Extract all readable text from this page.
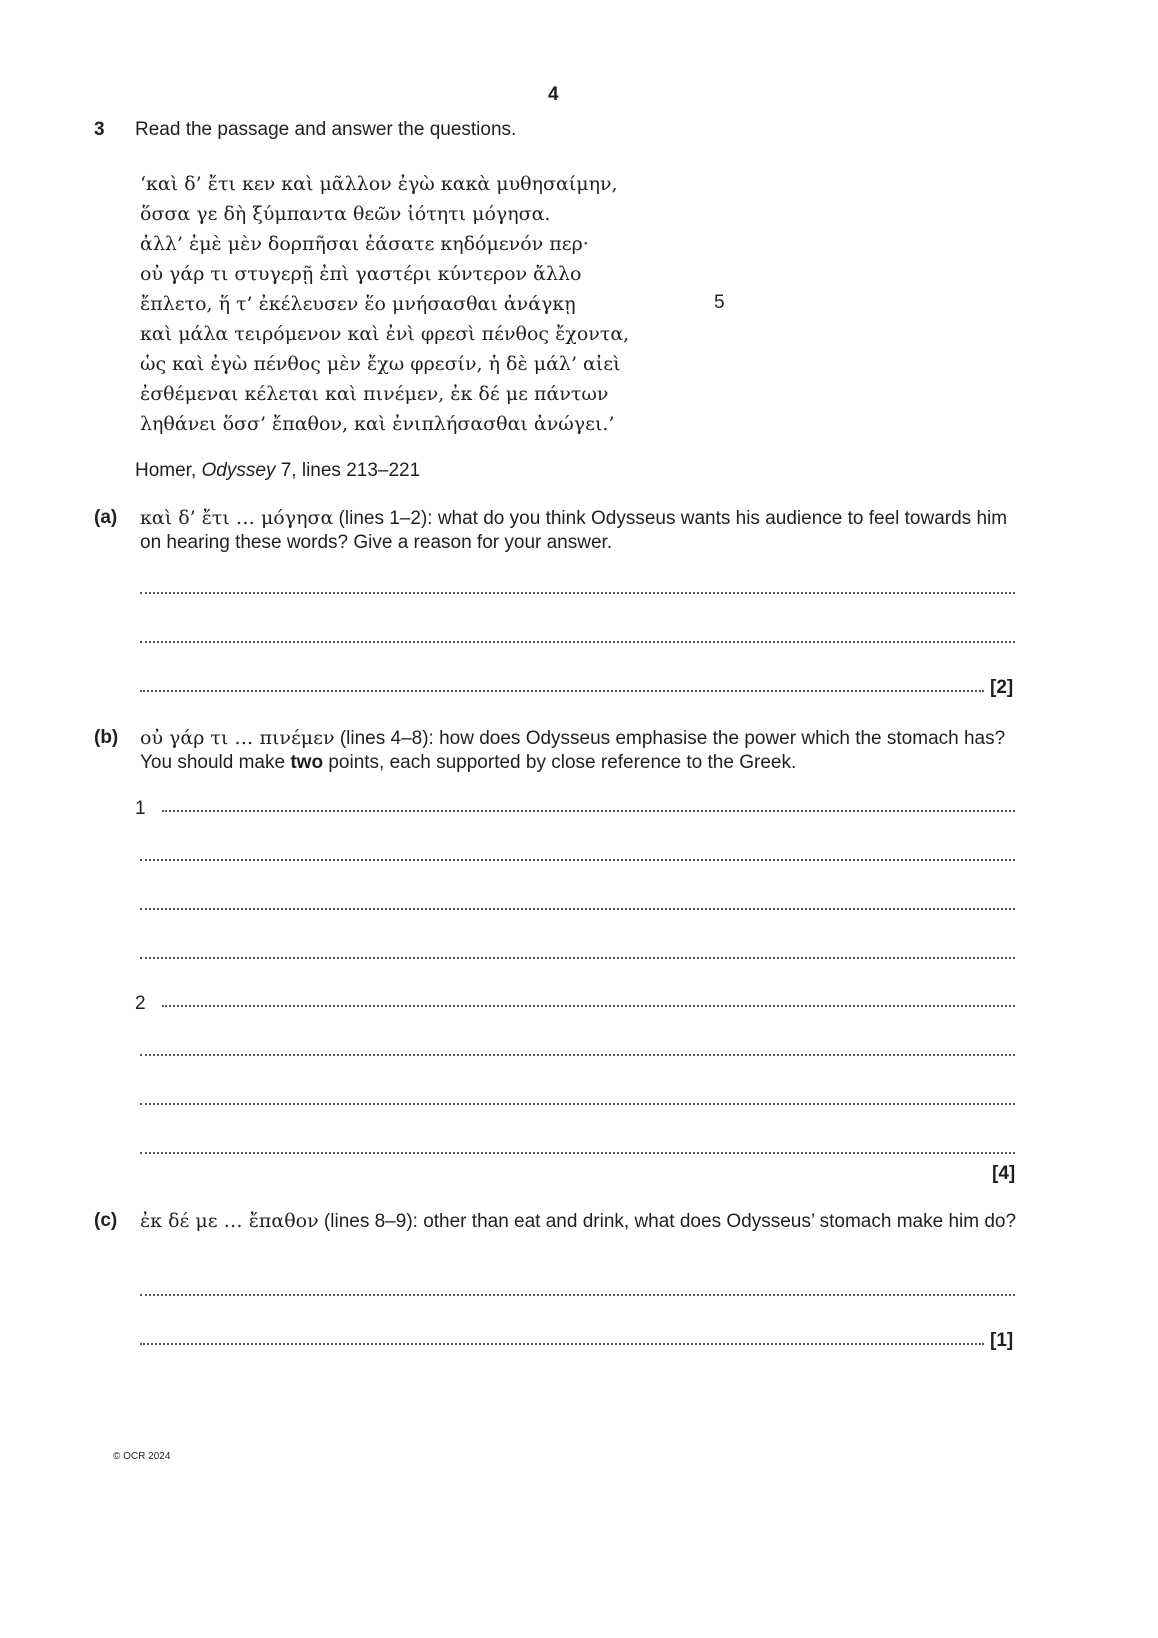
4
3 Read the passage and answer the questions.
‘καὶ δ’ ἔτι κεν καὶ μᾶλλον ἐγὼ κακὰ μυθησαίμην,
ὅσσα γε δὴ ξύμπαντα θεῶν ἰότητι μόγησα.
ἀλλ’ ἐμὲ μὲν δορπῆσαι ἐάσατε κηδόμενόν περ·
οὐ γάρ τι στυγερῇ ἐπὶ γαστέρι κύντερον ἄλλο
ἔπλετο, ἥ τ’ ἐκέλευσεν ἕο μνήσασθαι ἀνάγκῃ
καὶ μάλα τειρόμενον καὶ ἐνὶ φρεσὶ πένθος ἔχοντα,
ὡς καὶ ἐγὼ πένθος μὲν ἔχω φρεσίν, ἡ δὲ μάλ’ αἰεὶ
ἐσθέμεναι κέλεται καὶ πινέμεν, ἐκ δέ με πάντων
ληθάνει ὅσσ’ ἔπαθον, καὶ ἐνιπλήσασθαι ἀνώγει.’
5
Homer, Odyssey 7, lines 213–221
(a) καὶ δ’ ἔτι … μόγησα (lines 1–2): what do you think Odysseus wants his audience to feel towards him on hearing these words? Give a reason for your answer.
[2]
(b) οὐ γάρ τι … πινέμεν (lines 4–8): how does Odysseus emphasise the power which the stomach has? You should make two points, each supported by close reference to the Greek.
1
2
[4]
(c) ἐκ δέ με … ἔπαθον (lines 8–9): other than eat and drink, what does Odysseus’ stomach make him do?
[1]
© OCR 2024
